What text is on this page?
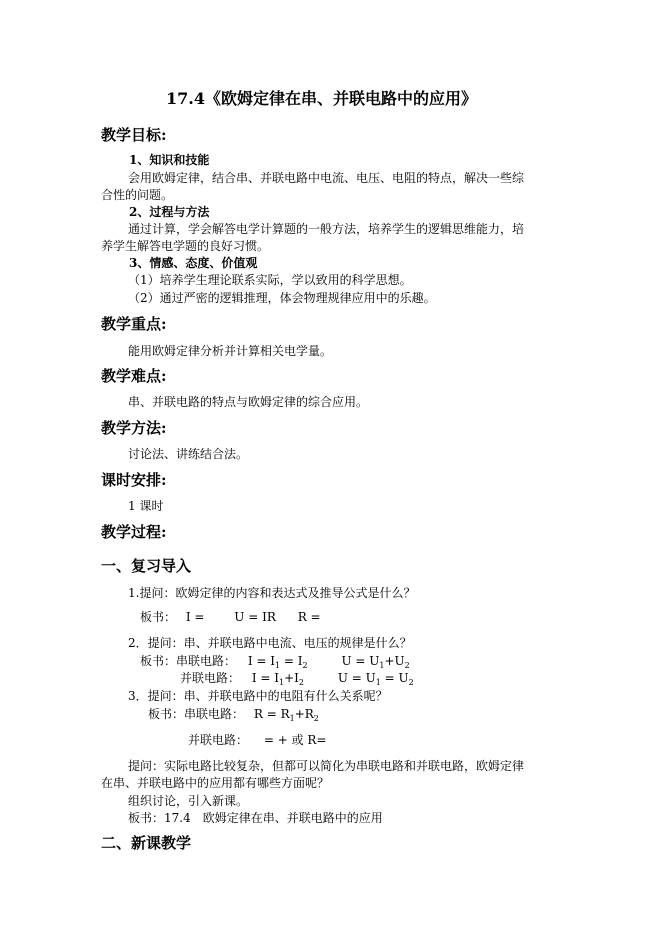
17.4《欧姆定律在串、并联电路中的应用》
教学目标:
1、知识和技能
会用欧姆定律，结合串、并联电路中电流、电压、电阻的特点，解决一些综
合性的问题。
2、过程与方法
通过计算，学会解答电学计算题的一般方法，培养学生的逻辑思维能力，培
养学生解答电学题的良好习惯。
3、情感、态度、价值观
（1）培养学生理论联系实际，学以致用的科学思想。
（2）通过严密的逻辑推理，体会物理规律应用中的乐趣。
教学重点:
能用欧姆定律分析并计算相关电学量。
教学难点:
串、并联电路的特点与欧姆定律的综合应用。
教学方法:
讨论法、讲练结合法。
课时安排:
1 课时
教学过程:
一、复习导入
1.提问：欧姆定律的内容和表达式及推导公式是什么？
板书： I = U = IR R =
2．提问：串、并联电路中电流、电压的规律是什么？
板书：串联电路： $I = I_1 = I_2$	$U = U_1+U_2$
并联电路： $I = I_1+I_2$	$U = U_1 = U_2$
3．提问：串、并联电路中的电阻有什么关系呢？
板书：串联电路： $R = R_1+R_2$
并联电路： = + 或 R=
提问：实际电路比较复杂，但都可以简化为串联电路和并联电路，欧姆定律
在串、并联电路中的应用都有哪些方面呢？
组织讨论，引入新课。
板书：17.4　欧姆定律在串、并联电路中的应用
二、新课教学
